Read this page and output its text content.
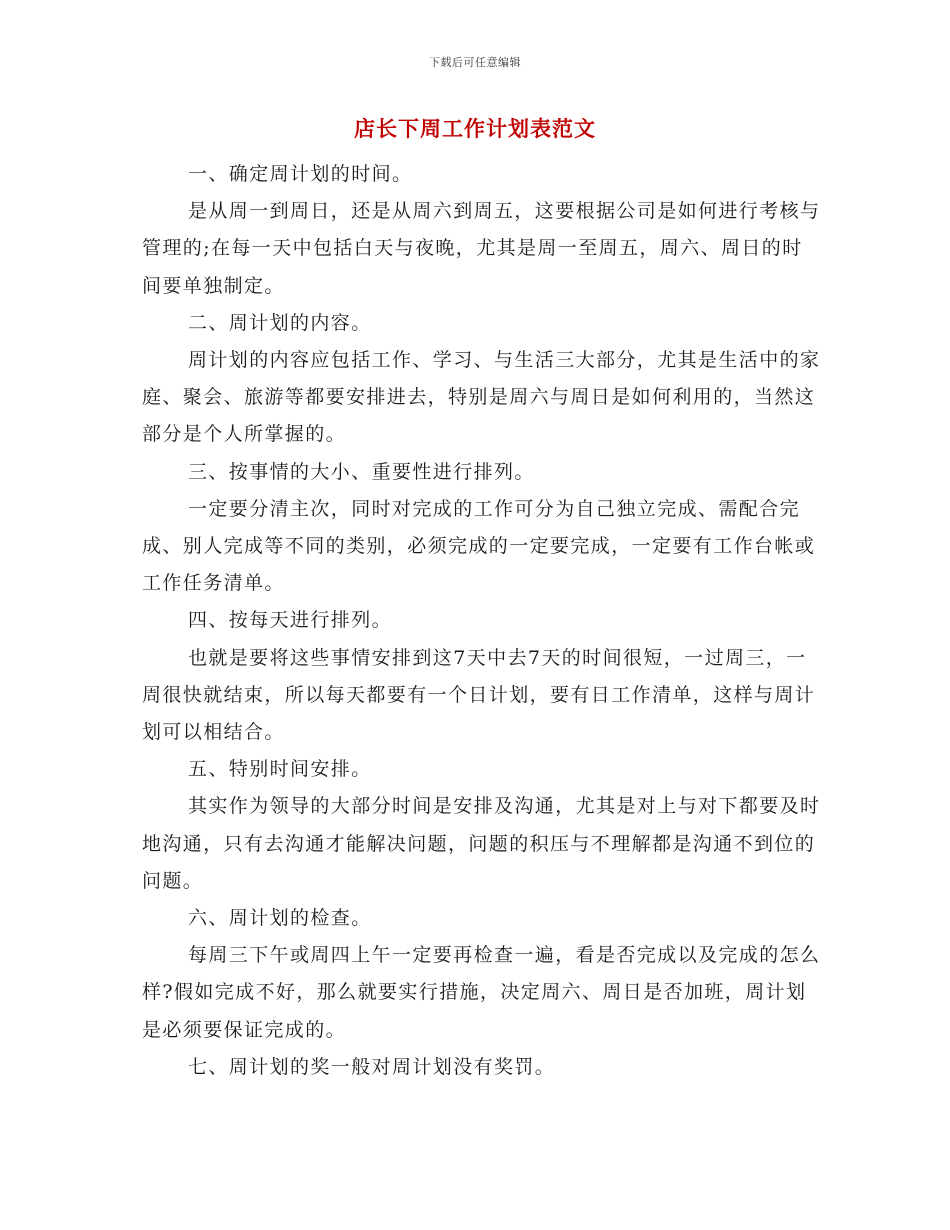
下载后可任意编辑
店长下周工作计划表范文

一、确定周计划的时间。

是从周一到周日，还是从周六到周五，这要根据公司是如何进行考核与管理的;在每一天中包括白天与夜晚，尤其是周一至周五，周六、周日的时间要单独制定。

二、周计划的内容。

周计划的内容应包括工作、学习、与生活三大部分，尤其是生活中的家庭、聚会、旅游等都要安排进去，特别是周六与周日是如何利用的，当然这部分是个人所掌握的。

三、按事情的大小、重要性进行排列。

一定要分清主次，同时对完成的工作可分为自己独立完成、需配合完成、别人完成等不同的类别，必须完成的一定要完成，一定要有工作台帐或工作任务清单。

四、按每天进行排列。

也就是要将这些事情安排到这7天中去7天的时间很短，一过周三，一周很快就结束，所以每天都要有一个日计划，要有日工作清单，这样与周计划可以相结合。

五、特别时间安排。

其实作为领导的大部分时间是安排及沟通，尤其是对上与对下都要及时地沟通，只有去沟通才能解决问题，问题的积压与不理解都是沟通不到位的问题。

六、周计划的检查。

每周三下午或周四上午一定要再检查一遍，看是否完成以及完成的怎么样?假如完成不好，那么就要实行措施，决定周六、周日是否加班，周计划是必须要保证完成的。

七、周计划的奖一般对周计划没有奖罚。
